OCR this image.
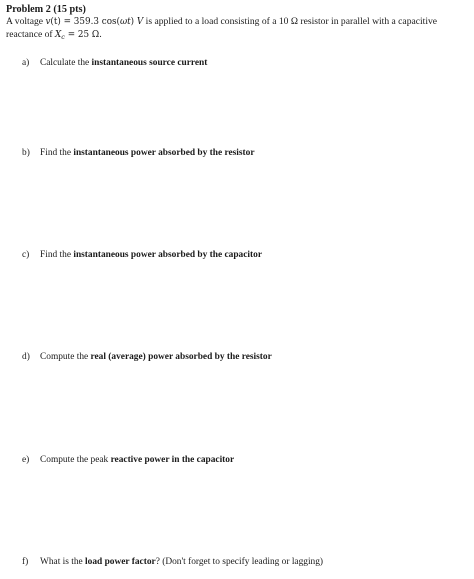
Problem 2 (15 pts)
A voltage v(t) = 359.3 cos(ωt) V is applied to a load consisting of a 10 Ω resistor in parallel with a capacitive
reactance of $X_c = 25$ Ω.
a) Calculate the instantaneous source current
b) Find the instantaneous power absorbed by the resistor
c) Find the instantaneous power absorbed by the capacitor
d) Compute the real (average) power absorbed by the resistor
e) Compute the peak reactive power in the capacitor
f) What is the load power factor? (Don't forget to specify leading or lagging)
